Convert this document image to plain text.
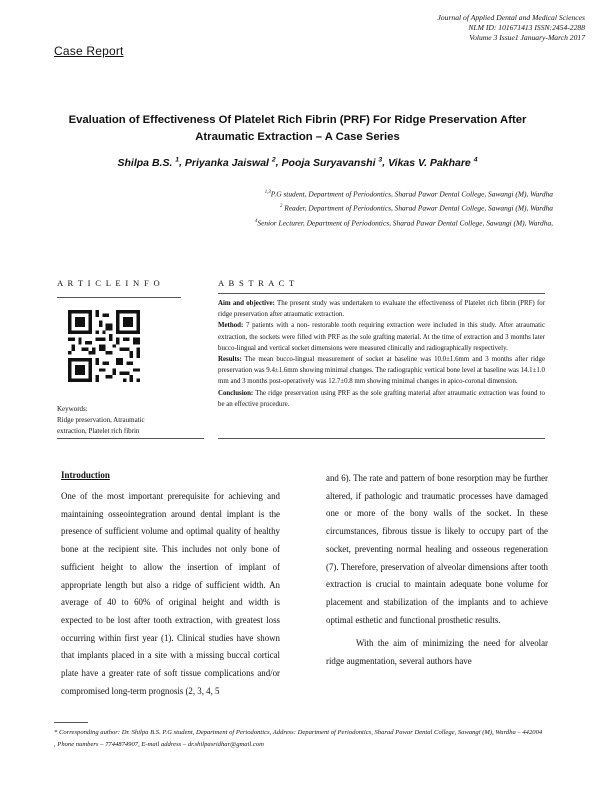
Journal of Applied Dental and Medical Sciences
NLM ID: 101671413 ISSN:2454-2288
Volume 3 Issue1 January-March 2017
Case Report
Evaluation of Effectiveness Of Platelet Rich Fibrin (PRF) For Ridge Preservation After
Atraumatic Extraction – A Case Series
Shilpa B.S. $^1$, Priyanka Jaiswal $^2$, Pooja Suryavanshi $^3$, Vikas V. Pakhare $^4$
$^{1,3}$P.G student, Department of Periodontics, Sharad Pawar Dental College, Sawangi (M), Wardha
$^2$ Reader, Department of Periodontics, Sharad Pawar Dental College, Sawangi (M), Wardha
$^4$Senior Lecturer, Department of Periodontics, Sharad Pawar Dental College, Sawangi (M), Wardha,
A R T I C L E I N F O
Keywords:
Ridge preservation, Atraumatic
extraction, Platelet rich fibrin
A B S T R A C T
Aim and objective: The present study was undertaken to evaluate the effectiveness of Platelet rich fibrin (PRF) for ridge preservation after atraumatic extraction.
Method: 7 patients with a non- restorable tooth requiring extraction were included in this study. After atraumatic extraction, the sockets were filled with PRF as the sole grafting material. At the time of extraction and 3 months later bucco-lingual and vertical socket dimensions were measured clinically and radiographically respectively.
Results: The mean bucco-lingual measurement of socket at baseline was 10.0±1.6mm and 3 months after ridge preservation was 9.4±1.6mm showing minimal changes. The radiographic vertical bone level at baseline was 14.1±1.0 mm and 3 months post-operatively was 12.7±0.8 mm showing minimal changes in apico-coronal dimension.
Conclusion: The ridge preservation using PRF as the sole grafting material after atraumatic extraction was found to be an effective procedure.
Introduction
One of the most important prerequisite for achieving and maintaining osseointegration around dental implant is the presence of sufficient volume and optimal quality of healthy bone at the recipient site. This includes not only bone of sufficient height to allow the insertion of implant of appropriate length but also a ridge of sufficient width. An average of 40 to 60% of original height and width is expected to be lost after tooth extraction, with greatest loss occurring within first year (1). Clinical studies have shown that implants placed in a site with a missing buccal cortical plate have a greater rate of soft tissue complications and/or compromised long-term prognosis (2, 3, 4, 5
and 6). The rate and pattern of bone resorption may be further altered, if pathologic and traumatic processes have damaged one or more of the bony walls of the socket. In these circumstances, fibrous tissue is likely to occupy part of the socket, preventing normal healing and osseous regeneration (7). Therefore, preservation of alveolar dimensions after tooth extraction is crucial to maintain adequate bone volume for placement and stabilization of the implants and to achieve optimal esthetic and functional prosthetic results.
With the aim of minimizing the need for alveolar ridge augmentation, several authors have
* Corresponding author: Dr. Shilpa B.S. P.G student, Department of Periodontics, Address: Department of Periodontics, Sharad Pawar Dental College, Sawangi (M), Wardha – 442004 , Phone numbers – 7744874907, E-mail address – dr.shilpasridhar@gmail.com
